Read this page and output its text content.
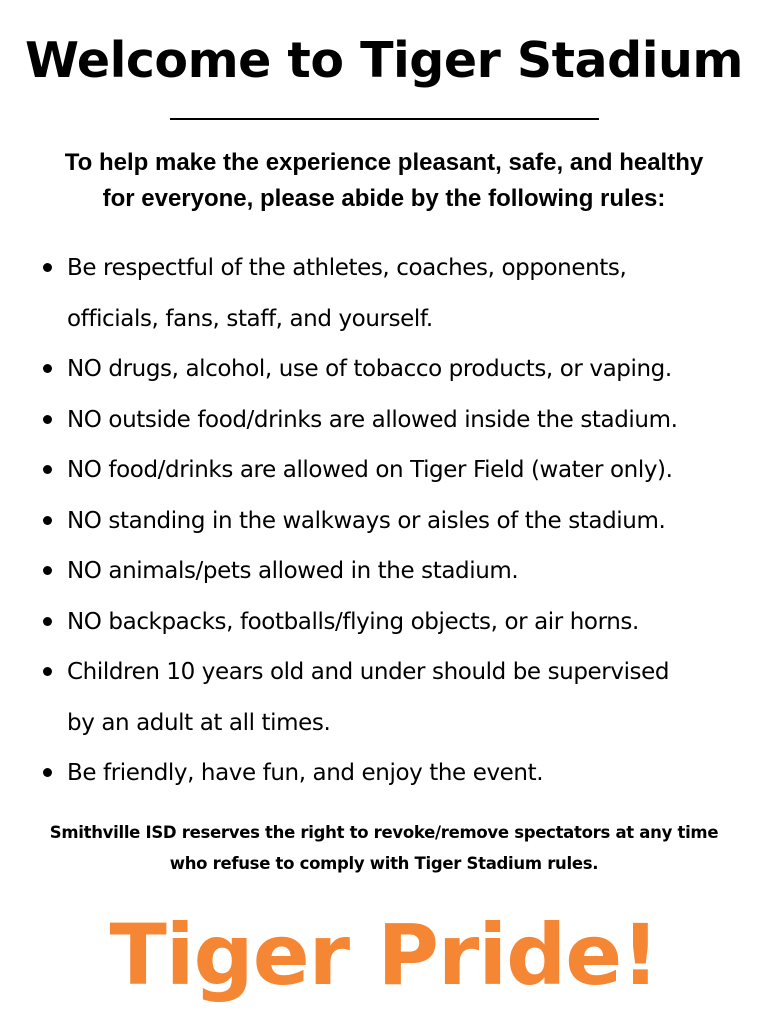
Welcome to Tiger Stadium
To help make the experience pleasant, safe, and healthy
for everyone, please abide by the following rules:
Be respectful of the athletes, coaches, opponents,
officials, fans, staff, and yourself.
NO drugs, alcohol, use of tobacco products, or vaping.
NO outside food/drinks are allowed inside the stadium.
NO food/drinks are allowed on Tiger Field (water only).
NO standing in the walkways or aisles of the stadium.
NO animals/pets allowed in the stadium.
NO backpacks, footballs/flying objects, or air horns.
Children 10 years old and under should be supervised
by an adult at all times.
Be friendly, have fun, and enjoy the event.
Smithville ISD reserves the right to revoke/remove spectators at any time
who refuse to comply with Tiger Stadium rules.
Tiger Pride!
